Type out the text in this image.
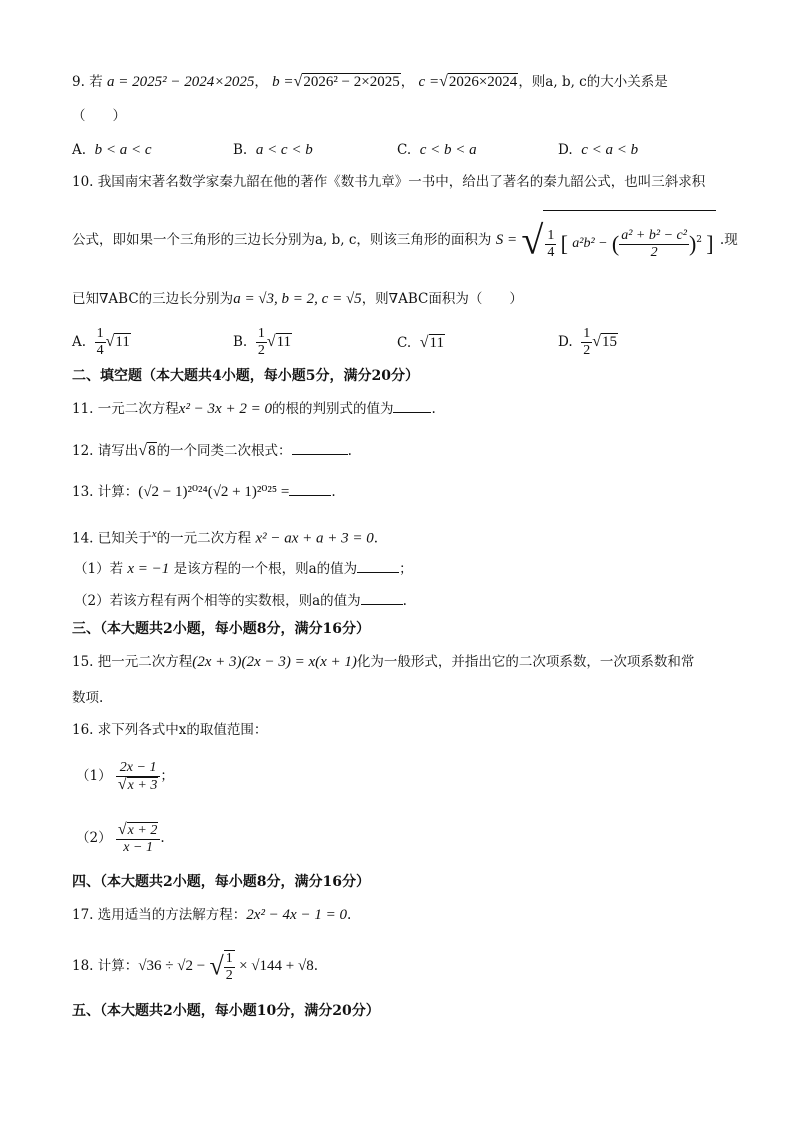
9. 若 a = 2025² − 2024×2025， b =√2026² − 2×2025， c =√2026×2024，则a, b, c的大小关系是
（　　）
A. b < a < c	B. a < c < b	C. c < b < a	D. c < a < b
10. 我国南宋著名数学家秦九韶在他的著作《数书九章》一书中，给出了著名的秦九韶公式，也叫三斜求积
公式，即如果一个三角形的三边长分别为a, b, c，则该三角形的面积为 S = √ $\frac{1}{4}$ [ a²b² − ( $\frac{\text{a² + b² − c²}}{2} )^2$ ] .现
已知∇ABC的三边长分别为a = √3, b = 2, c = √5，则∇ABC面积为（　　）
A. $\frac{1}{4} √11$	B. $\frac{1}{2} √11$	C. √11	D. $\frac{1}{2} √15$
二、填空题（本大题共4小题，每小题5分，满分20分）
11. 一元二次方程x² − 3x + 2 = 0的根的判别式的值为	.
12. 请写出√8的一个同类二次根式：	.
13. 计算：(√2 − 1)²⁰²⁴(√2 + 1)²⁰²⁵ =	.
14. 已知关于$^x$的一元二次方程 x² − ax + a + 3 = 0.
（1）若 x = −1 是该方程的一个根，则a的值为	；
（2）若该方程有两个相等的实数根，则a的值为	.
三、（本大题共2小题，每小题8分，满分16分）
15. 把一元二次方程(2x + 3)(2x − 3) = x(x + 1)化为一般形式，并指出它的二次项系数，一次项系数和常
数项.
16. 求下列各式中x的取值范围：
$(1) \frac{2x - 1}{√x + 3}$ ；
$(2) \frac{√x + 2}{x - 1}$ .
四、（本大题共2小题，每小题8分，满分16分）
17. 选用适当的方法解方程：2x² − 4x − 1 = 0.
18. 计算：√36 ÷ √2 − √ $\frac{1}{2} \times √144 + √8$.
五、（本大题共2小题，每小题10分，满分20分）
